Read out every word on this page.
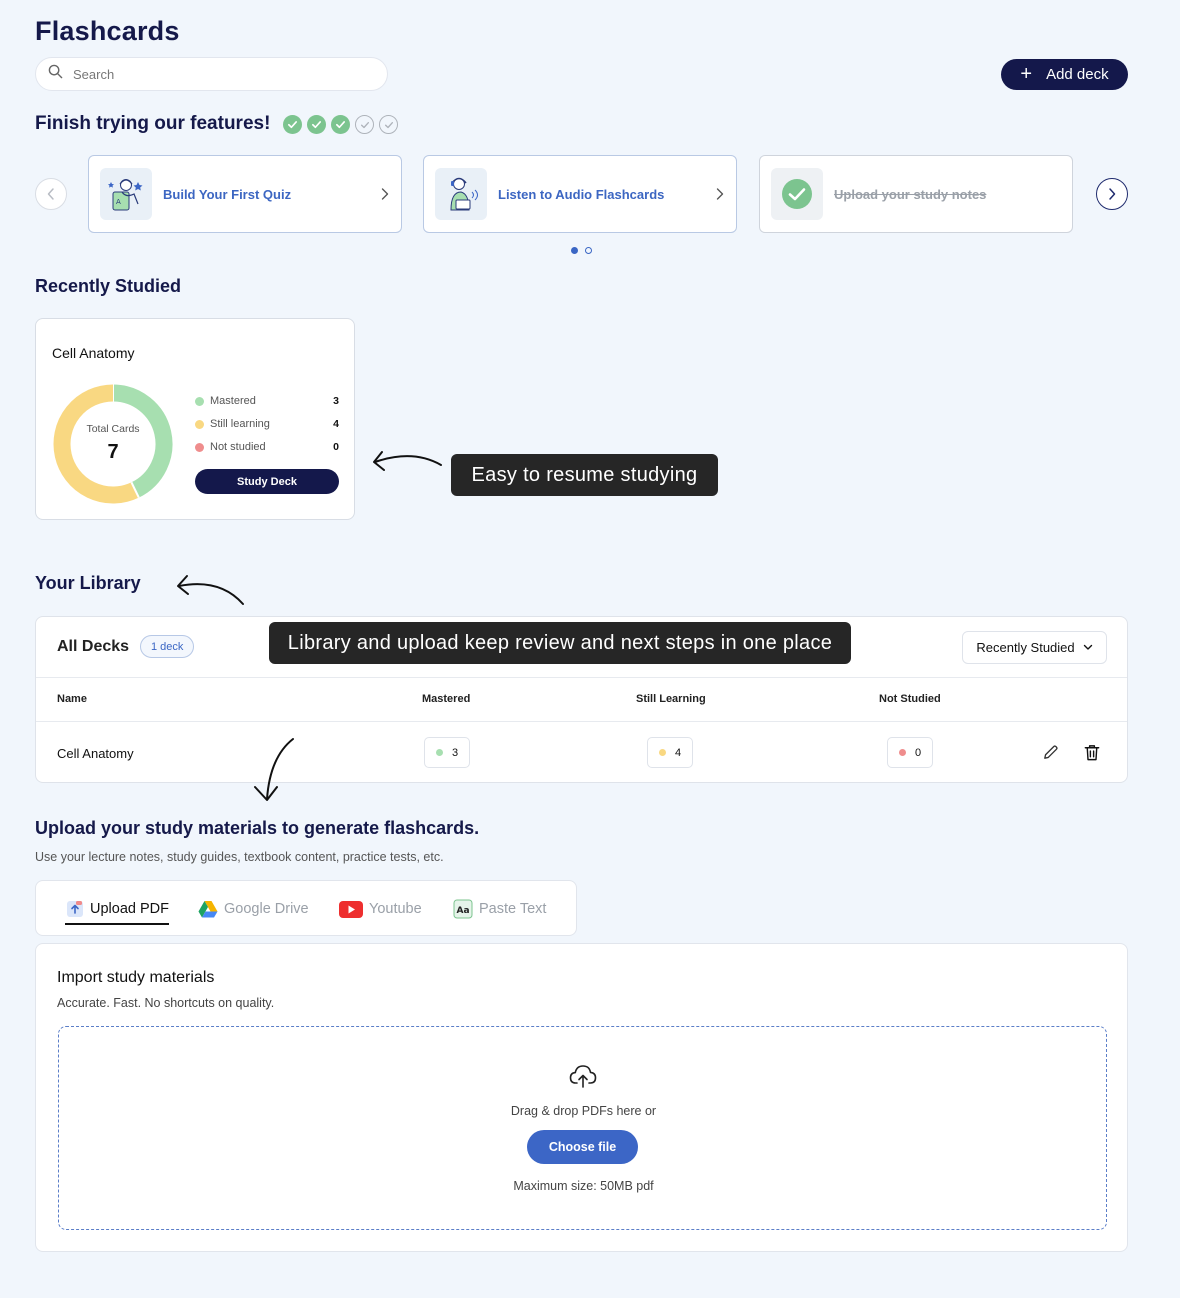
Flashcards
Search
+ Add deck
Finish trying our features!
A
Build Your First Quiz	Listen to Audio Flashcards	Upload your study notes
Recently Studied
Cell Anatomy
Total Cards
7
Mastered	3
Still learning	4
Not studied	0
Study Deck	Easy to resume studying
Your Library
All Decks	1 deck	Recently Studied
Name	Mastered	Still Learning	Not Studied
Cell Anatomy	3	4	0
Library and upload keep review and next steps in one place
Upload your study materials to generate flashcards.
Use your lecture notes, study guides, textbook content, practice tests, etc.
Upload PDF	Google Drive	Youtube	Aa Paste Text
Import study materials
Accurate. Fast. No shortcuts on quality.
Drag & drop PDFs here or
Choose file
Maximum size: 50MB pdf
